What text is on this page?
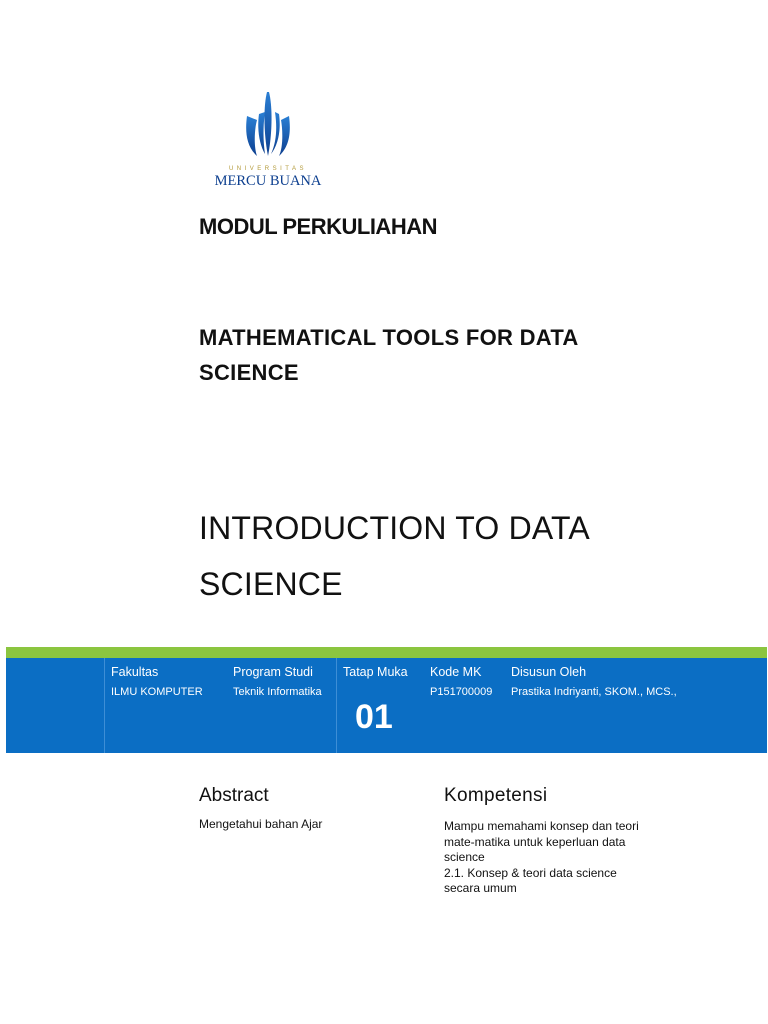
UNIVERSITAS
MERCU BUANA
MODUL PERKULIAHAN
MATHEMATICAL TOOLS FOR DATA SCIENCE
INTRODUCTION TO DATA SCIENCE
Fakultas
ILMU KOMPUTER
Program Studi
Teknik Informatika
Tatap Muka
01
Kode MK
P151700009
Disusun Oleh
Prastika Indriyanti, SKOM., MCS.,
Abstract
Mengetahui bahan Ajar
Kompetensi
Mampu memahami konsep dan teori
mate-matika untuk keperluan data
science
2.1. Konsep & teori data science
secara umum
